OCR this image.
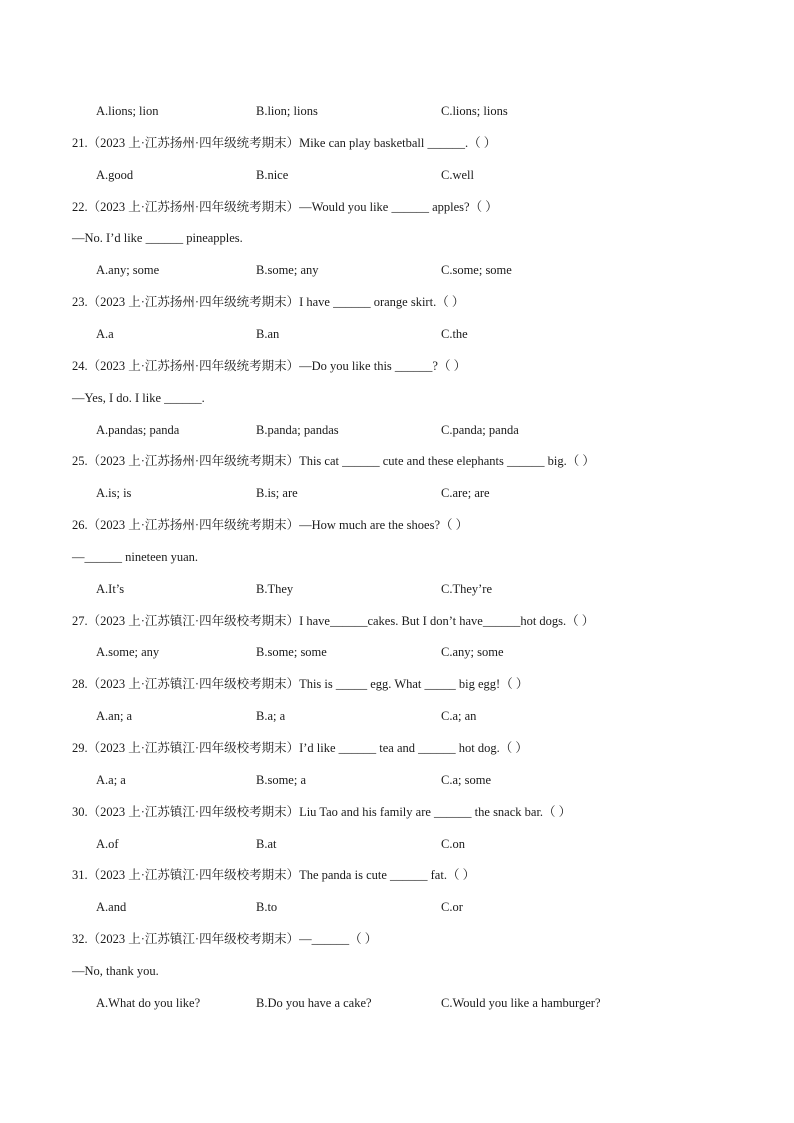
A.lions; lion	B.lion; lions	C.lions; lions
21.（2023 上·江苏扬州·四年级统考期末）Mike can play basketball ______.（ ）
A.good	B.nice	C.well
22.（2023 上·江苏扬州·四年级统考期末）—Would you like ______ apples?（ ）
—No. I’d like ______ pineapples.
A.any; some	B.some; any	C.some; some
23.（2023 上·江苏扬州·四年级统考期末）I have ______ orange skirt.（ ）
A.a	B.an	C.the
24.（2023 上·江苏扬州·四年级统考期末）—Do you like this ______?（ ）
—Yes, I do. I like ______.
A.pandas; panda	B.panda; pandas	C.panda; panda
25.（2023 上·江苏扬州·四年级统考期末）This cat ______ cute and these elephants ______ big.（ ）
A.is; is	B.is; are	C.are; are
26.（2023 上·江苏扬州·四年级统考期末）—How much are the shoes?（ ）
—______ nineteen yuan.
A.It’s	B.They	C.They’re
27.（2023 上·江苏镇江·四年级校考期末）I have______cakes. But I don’t have______hot dogs.（ ）
A.some; any	B.some; some	C.any; some
28.（2023 上·江苏镇江·四年级校考期末）This is _____ egg. What _____ big egg!（ ）
A.an; a	B.a; a	C.a; an
29.（2023 上·江苏镇江·四年级校考期末）I’d like ______ tea and ______ hot dog.（ ）
A.a; a	B.some; a	C.a; some
30.（2023 上·江苏镇江·四年级校考期末）Liu Tao and his family are ______ the snack bar.（ ）
A.of	B.at	C.on
31.（2023 上·江苏镇江·四年级校考期末）The panda is cute ______ fat.（ ）
A.and	B.to	C.or
32.（2023 上·江苏镇江·四年级校考期末）—______（ ）
—No, thank you.
A.What do you like?	B.Do you have a cake?	C.Would you like a hamburger?
